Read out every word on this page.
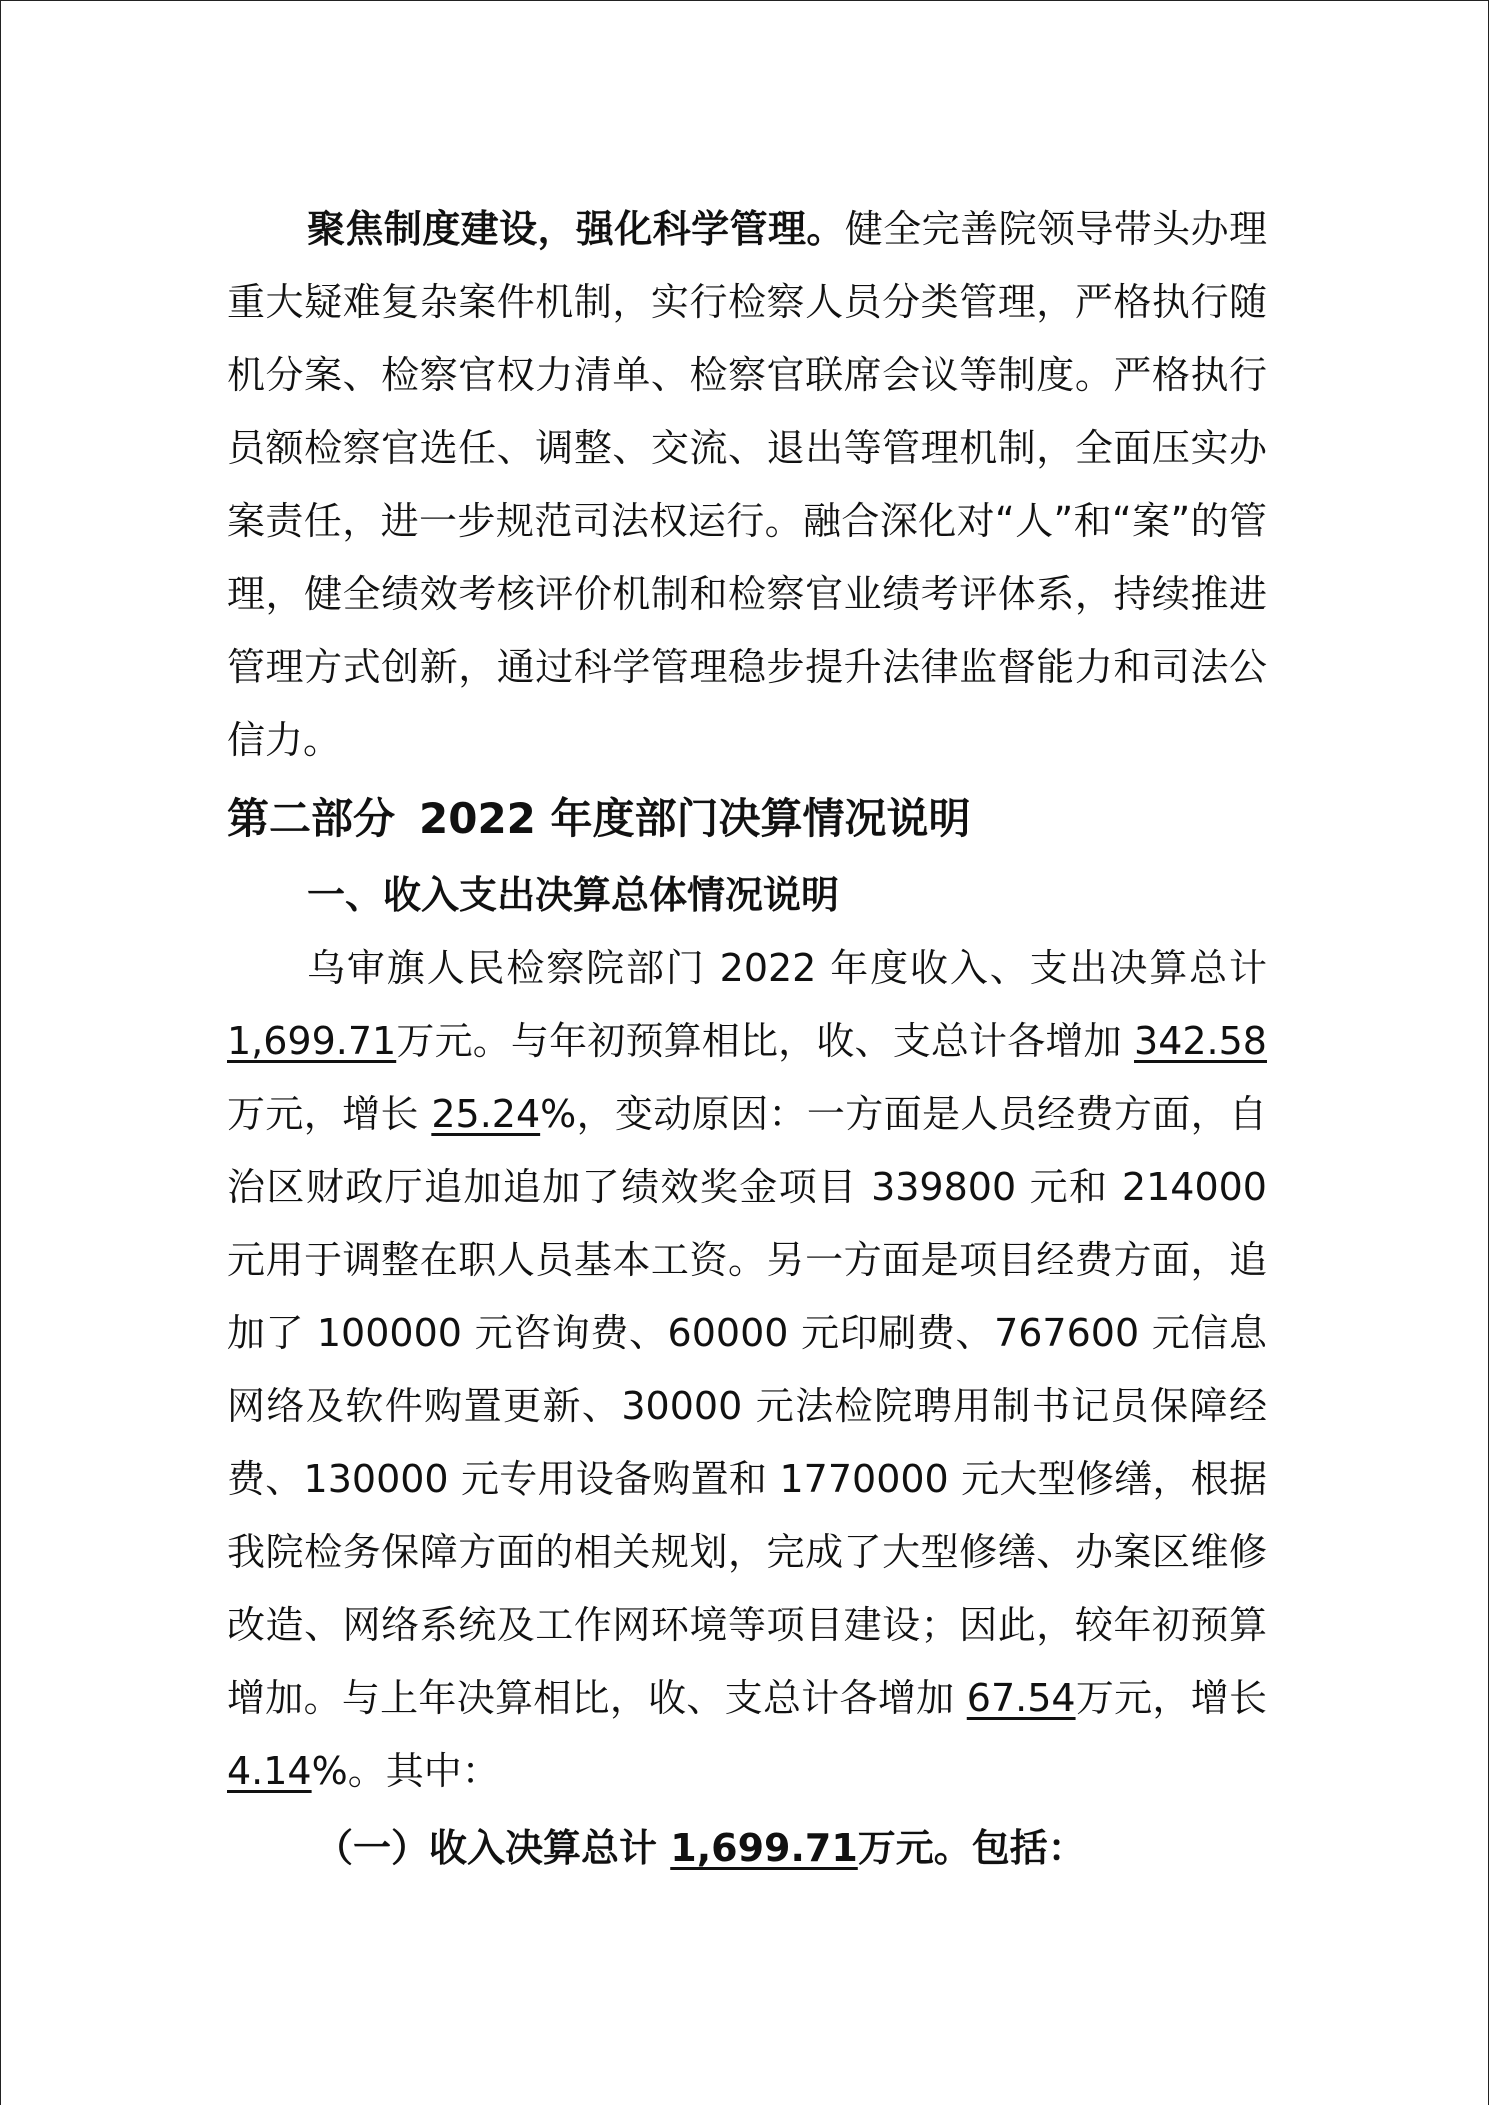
聚焦制度建设，强化科学管理。健全完善院领导带头办理重大疑难复杂案件机制，实行检察人员分类管理，严格执行随机分案、检察官权力清单、检察官联席会议等制度。严格执行员额检察官选任、调整、交流、退出等管理机制，全面压实办案责任，进一步规范司法权运行。融合深化对“人”和“案”的管理，健全绩效考核评价机制和检察官业绩考评体系，持续推进管理方式创新，通过科学管理稳步提升法律监督能力和司法公信力。

第二部分 2022 年度部门决算情况说明

一、收入支出决算总体情况说明

乌审旗人民检察院部门 2022 年度收入、支出决算总计1,699.71万元。与年初预算相比，收、支总计各增加 342.58万元，增长 25.24%，变动原因：一方面是人员经费方面，自治区财政厅追加追加了绩效奖金项目 339800 元和 214000 元用于调整在职人员基本工资。另一方面是项目经费方面，追加了 100000 元咨询费、60000 元印刷费、767600 元信息网络及软件购置更新、30000 元法检院聘用制书记员保障经费、130000 元专用设备购置和 1770000 元大型修缮，根据我院检务保障方面的相关规划，完成了大型修缮、办案区维修改造、网络系统及工作网环境等项目建设；因此，较年初预算增加。与上年决算相比，收、支总计各增加 67.54万元，增长 4.14%。其中：

（一）收入决算总计 1,699.71万元。包括：
